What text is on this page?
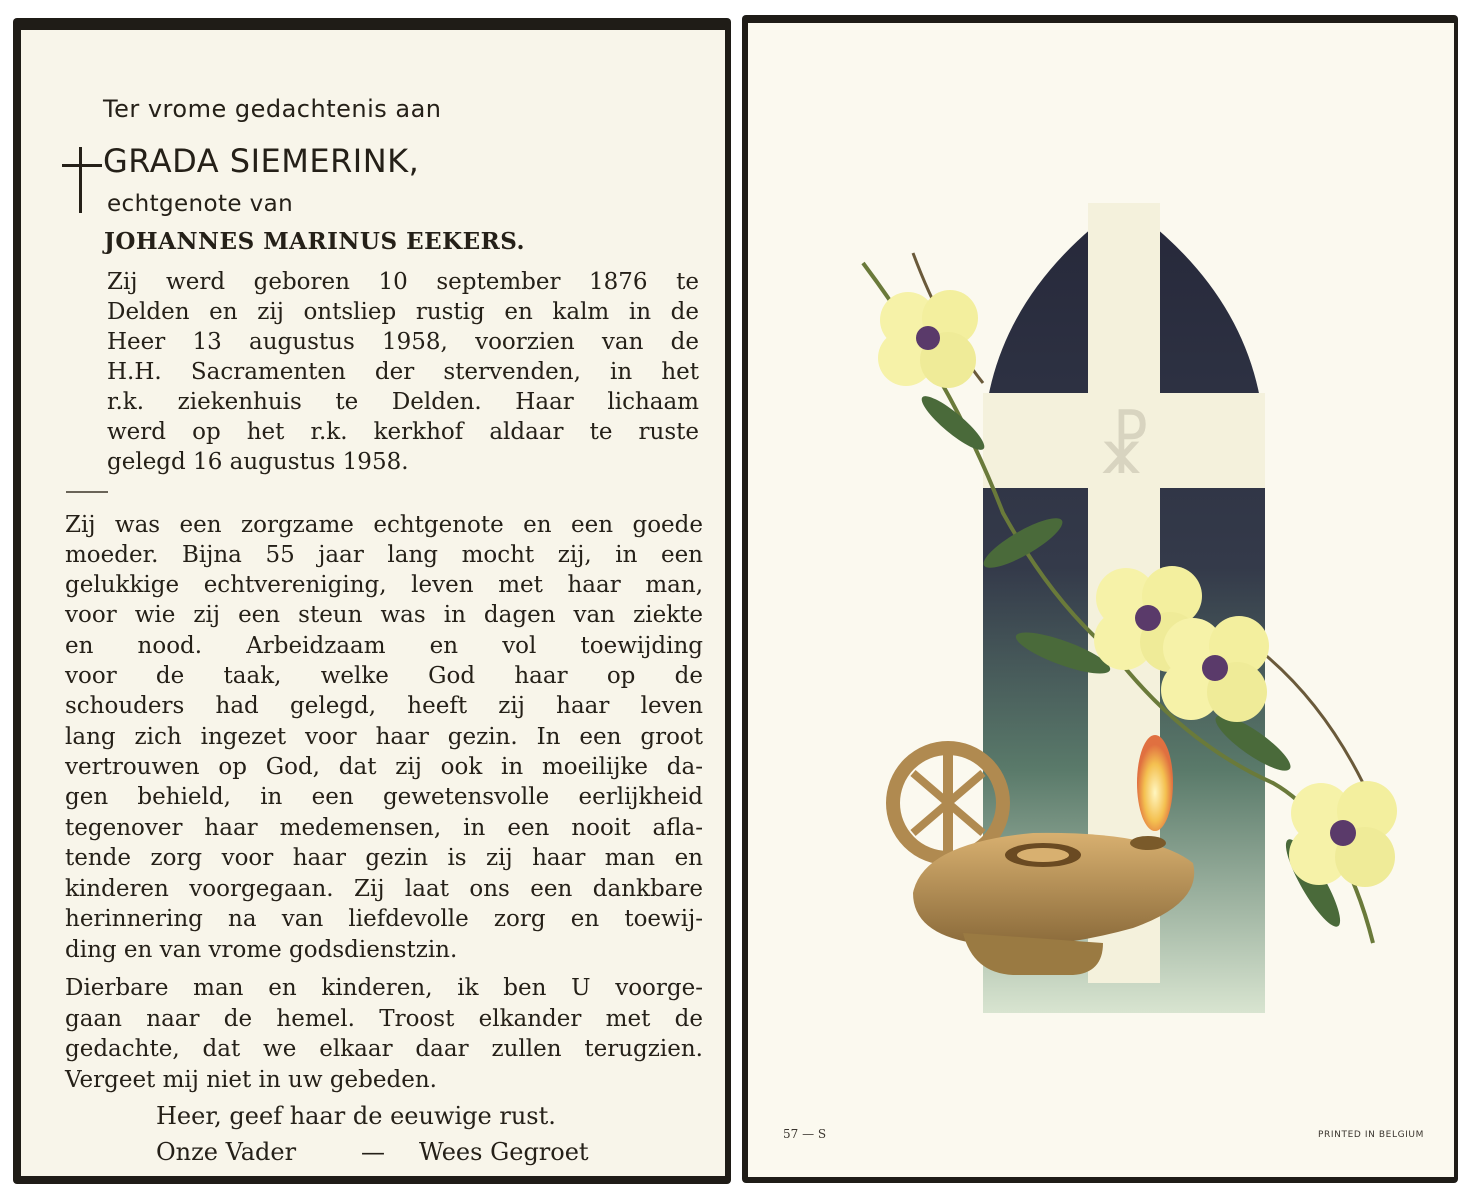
Ter vrome gedachtenis aan
GRADA SIEMERINK,
echtgenote van
JOHANNES MARINUS EEKERS.
Zij werd geboren 10 september 1876 te
Delden en zij ontsliep rustig en kalm in de
Heer 13 augustus 1958, voorzien van de
H.H. Sacramenten der stervenden, in het
r.k. ziekenhuis te Delden. Haar lichaam
werd op het r.k. kerkhof aldaar te ruste
gelegd 16 augustus 1958.
Zij was een zorgzame echtgenote en een goede
moeder. Bijna 55 jaar lang mocht zij, in een
gelukkige echtvereniging, leven met haar man,
voor wie zij een steun was in dagen van ziekte
en nood. Arbeidzaam en vol toewijding
voor de taak, welke God haar op de
schouders had gelegd, heeft zij haar leven
lang zich ingezet voor haar gezin. In een groot
vertrouwen op God, dat zij ook in moeilijke da-
gen behield, in een gewetensvolle eerlijkheid
tegenover haar medemensen, in een nooit afla-
tende zorg voor haar gezin is zij haar man en
kinderen voorgegaan. Zij laat ons een dankbare
herinnering na van liefdevolle zorg en toewij-
ding en van vrome godsdienstzin.
Dierbare man en kinderen, ik ben U voorge-
gaan naar de hemel. Troost elkander met de
gedachte, dat we elkaar daar zullen terugzien.
Vergeet mij niet in uw gebeden.
Heer, geef haar de eeuwige rust.
Onze Vader	— Wees Gegroet
☧
57 — S	PRINTED IN BELGIUM
